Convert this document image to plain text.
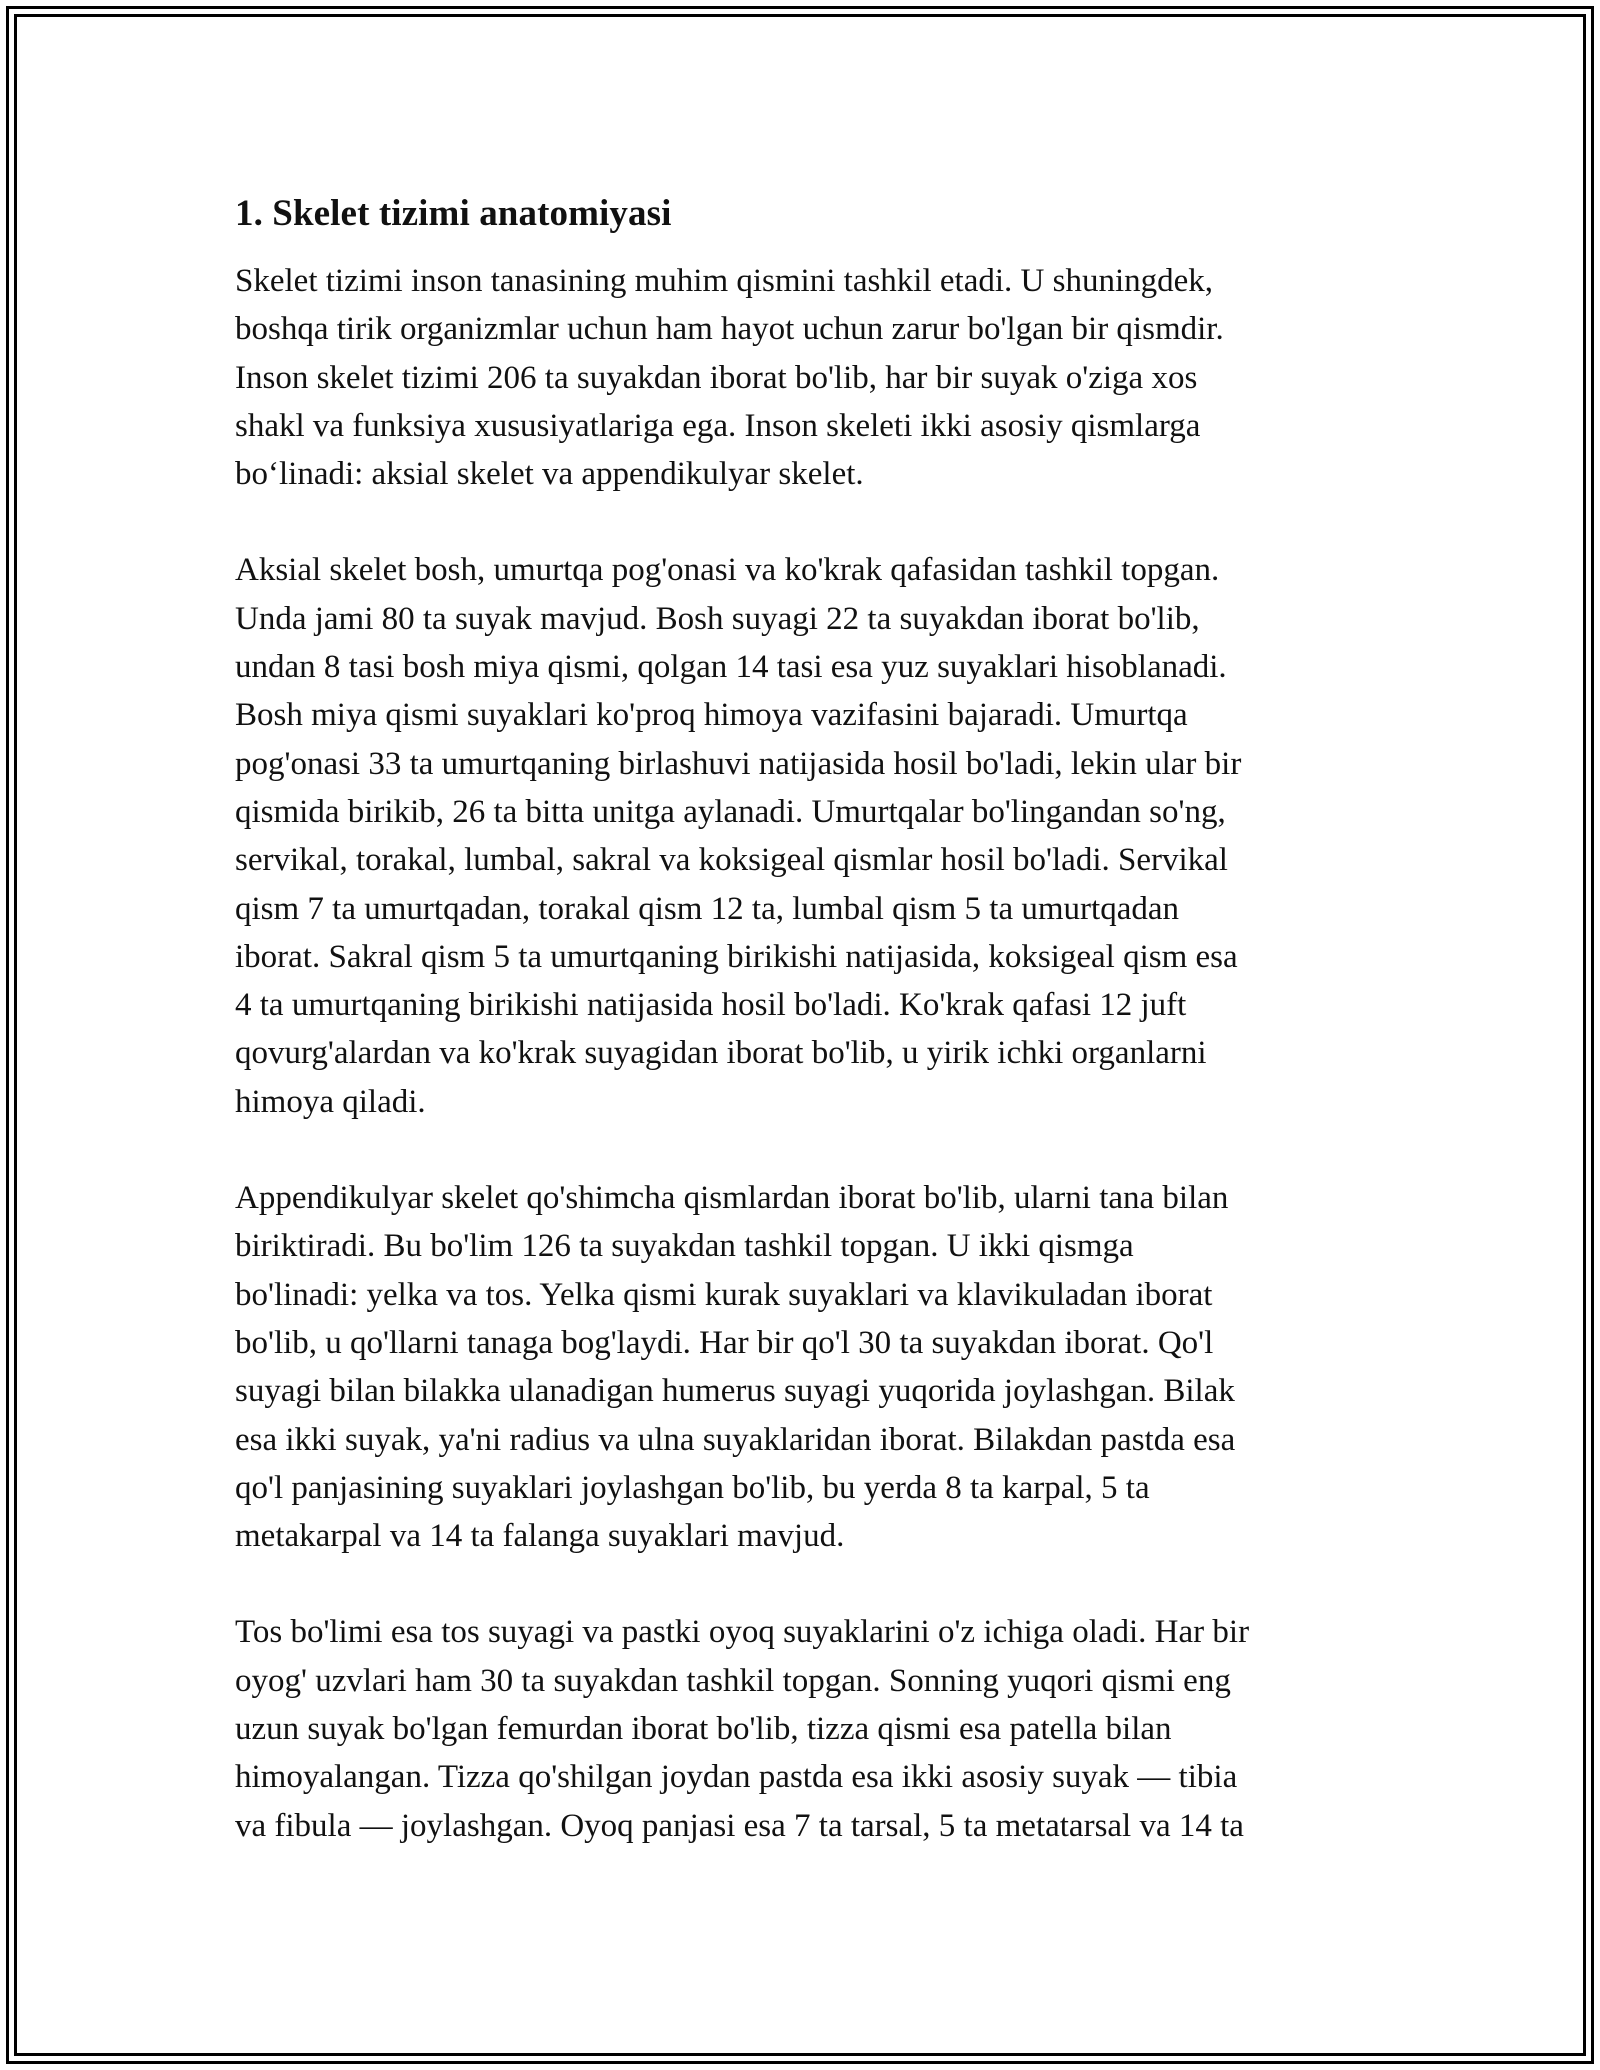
1. Skelet tizimi anatomiyasi

Skelet tizimi inson tanasining muhim qismini tashkil etadi. U shuningdek,
boshqa tirik organizmlar uchun ham hayot uchun zarur bo'lgan bir qismdir.
Inson skelet tizimi 206 ta suyakdan iborat bo'lib, har bir suyak o'ziga xos
shakl va funksiya xususiyatlariga ega. Inson skeleti ikki asosiy qismlarga
bo‘linadi: aksial skelet va appendikulyar skelet.

Aksial skelet bosh, umurtqa pog'onasi va ko'krak qafasidan tashkil topgan.
Unda jami 80 ta suyak mavjud. Bosh suyagi 22 ta suyakdan iborat bo'lib,
undan 8 tasi bosh miya qismi, qolgan 14 tasi esa yuz suyaklari hisoblanadi.
Bosh miya qismi suyaklari ko'proq himoya vazifasini bajaradi. Umurtqa
pog'onasi 33 ta umurtqaning birlashuvi natijasida hosil bo'ladi, lekin ular bir
qismida birikib, 26 ta bitta unitga aylanadi. Umurtqalar bo'lingandan so'ng,
servikal, torakal, lumbal, sakral va koksigeal qismlar hosil bo'ladi. Servikal
qism 7 ta umurtqadan, torakal qism 12 ta, lumbal qism 5 ta umurtqadan
iborat. Sakral qism 5 ta umurtqaning birikishi natijasida, koksigeal qism esa
4 ta umurtqaning birikishi natijasida hosil bo'ladi. Ko'krak qafasi 12 juft
qovurg'alardan va ko'krak suyagidan iborat bo'lib, u yirik ichki organlarni
himoya qiladi.

Appendikulyar skelet qo'shimcha qismlardan iborat bo'lib, ularni tana bilan
biriktiradi. Bu bo'lim 126 ta suyakdan tashkil topgan. U ikki qismga
bo'linadi: yelka va tos. Yelka qismi kurak suyaklari va klavikuladan iborat
bo'lib, u qo'llarni tanaga bog'laydi. Har bir qo'l 30 ta suyakdan iborat. Qo'l
suyagi bilan bilakka ulanadigan humerus suyagi yuqorida joylashgan. Bilak
esa ikki suyak, ya'ni radius va ulna suyaklaridan iborat. Bilakdan pastda esa
qo'l panjasining suyaklari joylashgan bo'lib, bu yerda 8 ta karpal, 5 ta
metakarpal va 14 ta falanga suyaklari mavjud.

Tos bo'limi esa tos suyagi va pastki oyoq suyaklarini o'z ichiga oladi. Har bir
oyog' uzvlari ham 30 ta suyakdan tashkil topgan. Sonning yuqori qismi eng
uzun suyak bo'lgan femurdan iborat bo'lib, tizza qismi esa patella bilan
himoyalangan. Tizza qo'shilgan joydan pastda esa ikki asosiy suyak — tibia
va fibula — joylashgan. Oyoq panjasi esa 7 ta tarsal, 5 ta metatarsal va 14 ta
